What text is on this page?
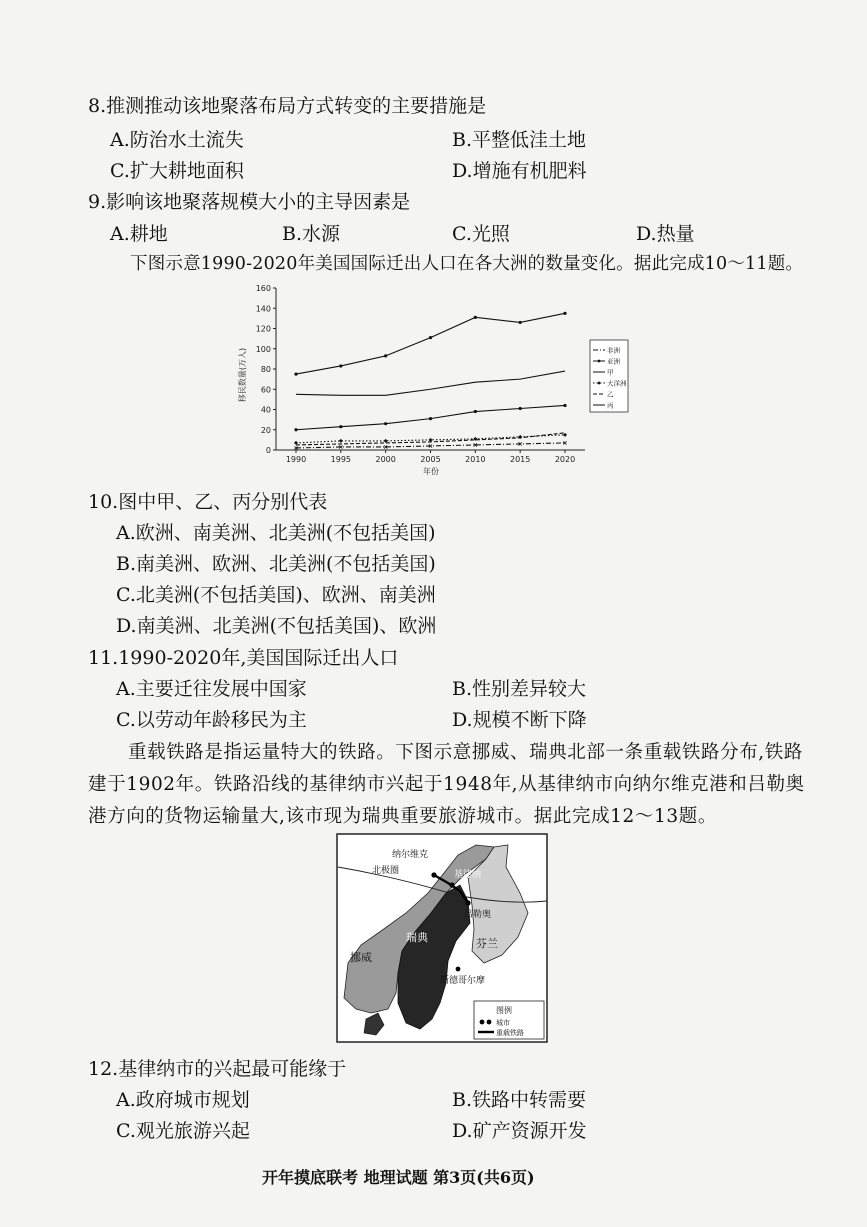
8.推测推动该地聚落布局方式转变的主要措施是
A.防治水土流失	B.平整低洼土地
C.扩大耕地面积	D.增施有机肥料
9.影响该地聚落规模大小的主导因素是
A.耕地	B.水源	C.光照	D.热量
下图示意1990-2020年美国国际迁出人口在各大洲的数量变化。据此完成10～11题。
0
20
40
60
80
100
120
140
160
1990	1995	2000	2005	2010	2015	2020
移民数量(万人)
年份
非洲
亚洲
甲
大洋洲
乙
丙
10.图中甲、乙、丙分别代表
A.欧洲、南美洲、北美洲(不包括美国)
B.南美洲、欧洲、北美洲(不包括美国)
C.北美洲(不包括美国)、欧洲、南美洲
D.南美洲、北美洲(不包括美国)、欧洲
11.1990-2020年,美国国际迁出人口
A.主要迁往发展中国家	B.性别差异较大
C.以劳动年龄移民为主	D.规模不断下降
重载铁路是指运量特大的铁路。下图示意挪威、瑞典北部一条重载铁路分布,铁路
建于1902年。铁路沿线的基律纳市兴起于1948年,从基律纳市向纳尔维克港和吕勒奥
港方向的货物运输量大,该市现为瑞典重要旅游城市。据此完成12～13题。
纳尔维克
北极圈	基律纳
吕勒奥
瑞典
挪威
芬兰
斯德哥尔摩
图例
城市
重载铁路
12.基律纳市的兴起最可能缘于
A.政府城市规划	B.铁路中转需要
C.观光旅游兴起	D.矿产资源开发
开年摸底联考 地理试题 第3页(共6页)
